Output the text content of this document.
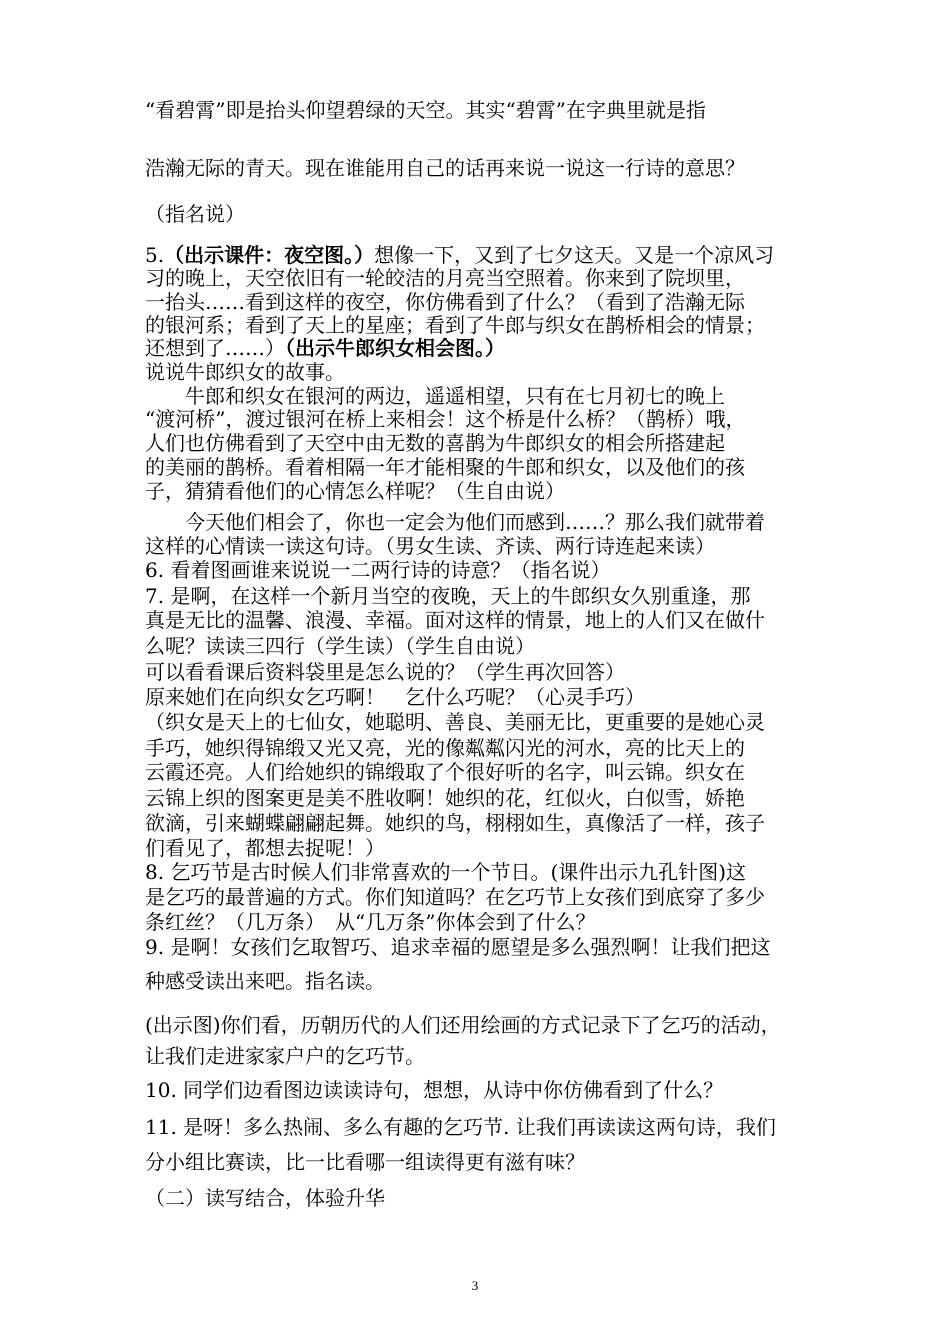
“看碧霄”即是抬头仰望碧绿的天空。其实“碧霄”在字典里就是指
浩瀚无际的青天。现在谁能用自己的话再来说一说这一行诗的意思？
（指名说）
5.（出示课件：夜空图。）想像一下，又到了七夕这天。又是一个凉风习
习的晚上，天空依旧有一轮皎洁的月亮当空照着。你来到了院坝里，
一抬头……看到这样的夜空，你仿佛看到了什么？（看到了浩瀚无际
的银河系；看到了天上的星座；看到了牛郎与织女在鹊桥相会的情景；
还想到了……）（出示牛郎织女相会图。）
说说牛郎织女的故事。
　　牛郎和织女在银河的两边，遥遥相望，只有在七月初七的晚上
“渡河桥”，渡过银河在桥上来相会！这个桥是什么桥？（鹊桥）哦，
人们也仿佛看到了天空中由无数的喜鹊为牛郎织女的相会所搭建起
的美丽的鹊桥。看着相隔一年才能相聚的牛郎和织女，以及他们的孩
子，猜猜看他们的心情怎么样呢？（生自由说）
　　今天他们相会了，你也一定会为他们而感到……？那么我们就带着
这样的心情读一读这句诗。（男女生读、齐读、两行诗连起来读）
6. 看着图画谁来说说一二两行诗的诗意？（指名说）
7. 是啊，在这样一个新月当空的夜晚，天上的牛郎织女久别重逢，那
真是无比的温馨、浪漫、幸福。面对这样的情景，地上的人们又在做什
么呢？读读三四行（学生读）（学生自由说）
可以看看课后资料袋里是怎么说的？（学生再次回答）
原来她们在向织女乞巧啊！　乞什么巧呢？（心灵手巧）
（织女是天上的七仙女，她聪明、善良、美丽无比，更重要的是她心灵
手巧，她织得锦缎又光又亮，光的像粼粼闪光的河水，亮的比天上的
云霞还亮。人们给她织的锦缎取了个很好听的名字，叫云锦。织女在
云锦上织的图案更是美不胜收啊！她织的花，红似火，白似雪，娇艳
欲滴，引来蝴蝶翩翩起舞。她织的鸟，栩栩如生，真像活了一样，孩子
们看见了，都想去捉呢！）
8. 乞巧节是古时候人们非常喜欢的一个节日。(课件出示九孔针图)这
是乞巧的最普遍的方式。你们知道吗？在乞巧节上女孩们到底穿了多少
条红丝？（几万条）　从“几万条”你体会到了什么？
9. 是啊！女孩们乞取智巧、追求幸福的愿望是多么强烈啊！让我们把这
种感受读出来吧。指名读。
(出示图)你们看，历朝历代的人们还用绘画的方式记录下了乞巧的活动，
让我们走进家家户户的乞巧节。
10. 同学们边看图边读读诗句，想想，从诗中你仿佛看到了什么？
11. 是呀！多么热闹、多么有趣的乞巧节. 让我们再读读这两句诗，我们
分小组比赛读，比一比看哪一组读得更有滋有味？
（二）读写结合，体验升华
3
